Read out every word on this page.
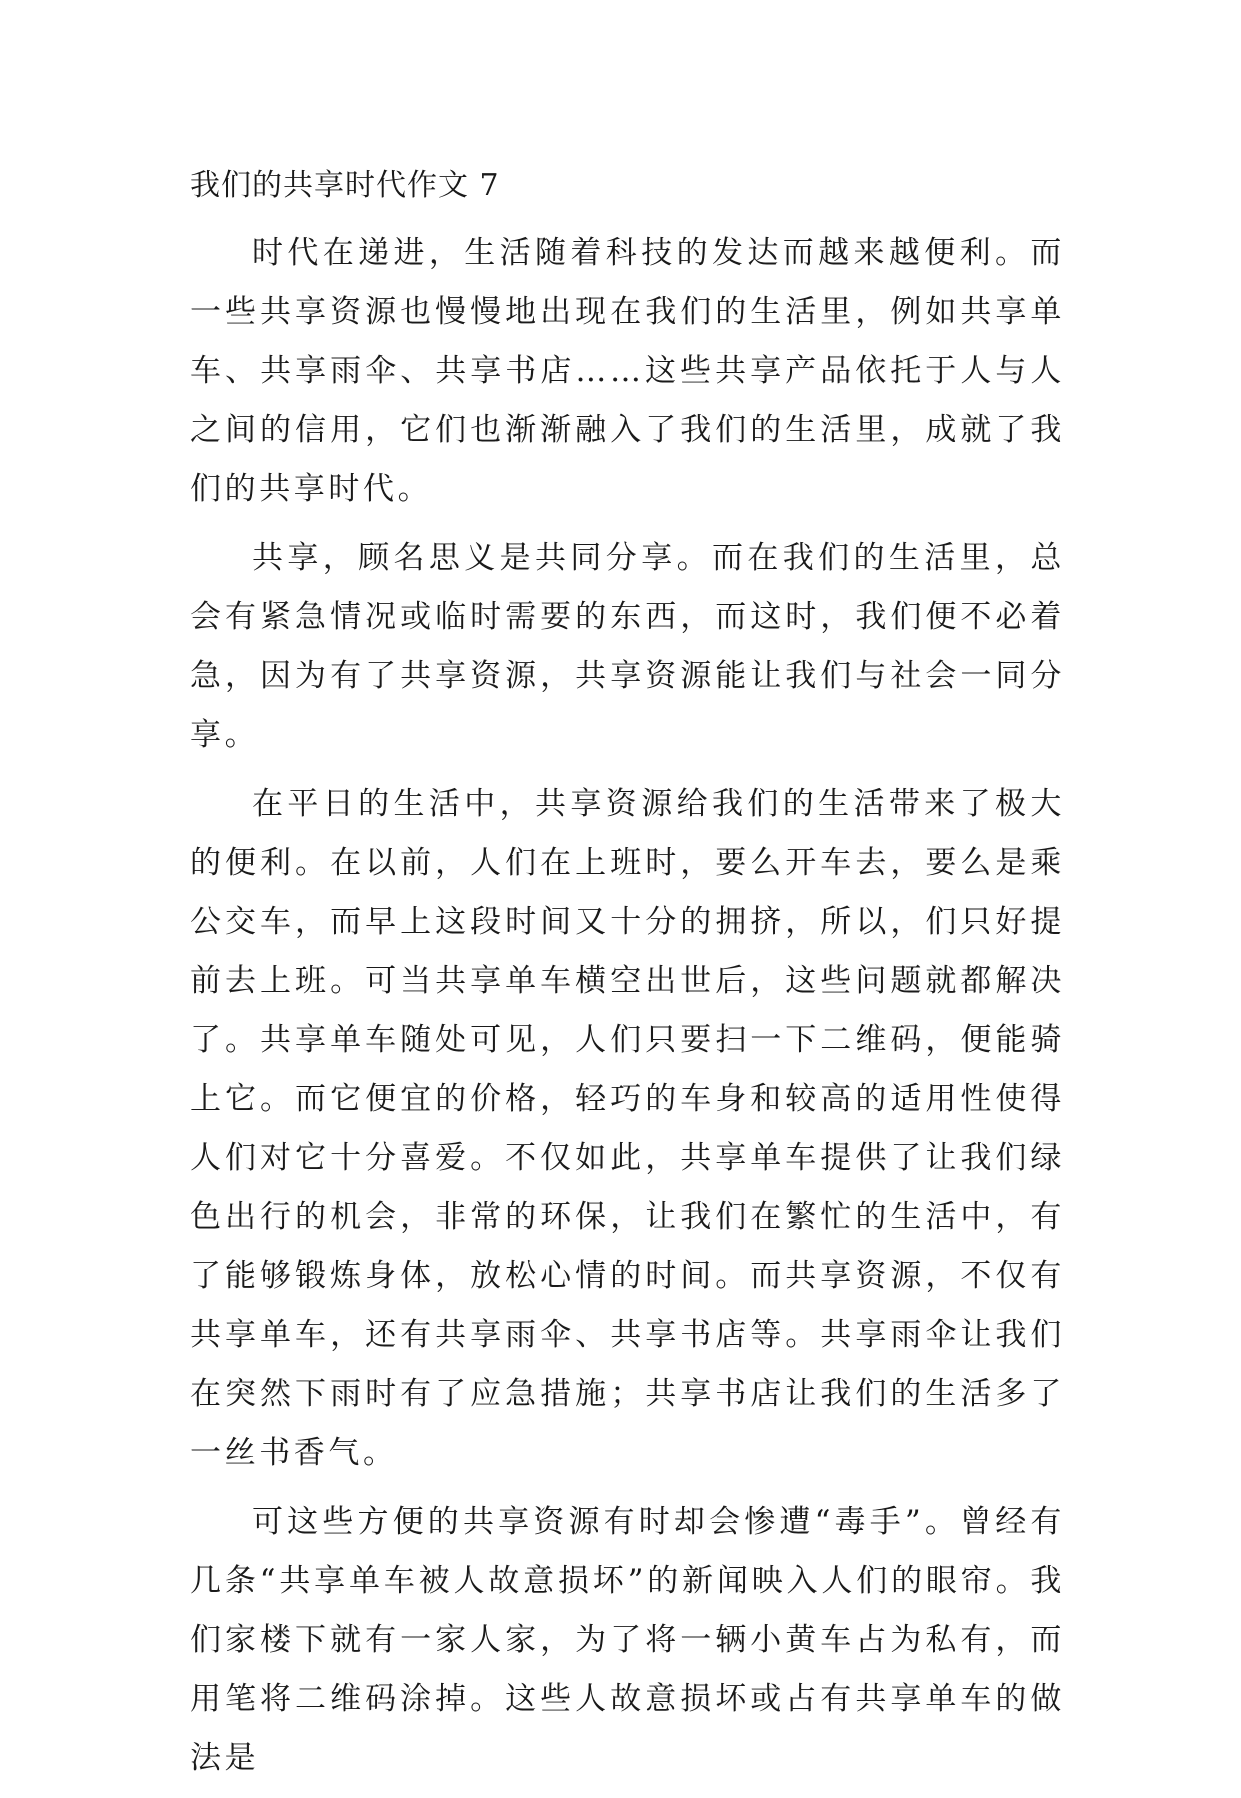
我们的共享时代作文 7

时代在递进，生活随着科技的发达而越来越便利。而一些共享资源也慢慢地出现在我们的生活里，例如共享单车、共享雨伞、共享书店……这些共享产品依托于人与人之间的信用，它们也渐渐融入了我们的生活里，成就了我们的共享时代。

共享，顾名思义是共同分享。而在我们的生活里，总会有紧急情况或临时需要的东西，而这时，我们便不必着急，因为有了共享资源，共享资源能让我们与社会一同分享。

在平日的生活中，共享资源给我们的生活带来了极大的便利。在以前，人们在上班时，要么开车去，要么是乘公交车，而早上这段时间又十分的拥挤，所以，们只好提前去上班。可当共享单车横空出世后，这些问题就都解决了。共享单车随处可见，人们只要扫一下二维码，便能骑上它。而它便宜的价格，轻巧的车身和较高的适用性使得人们对它十分喜爱。不仅如此，共享单车提供了让我们绿色出行的机会，非常的环保，让我们在繁忙的生活中，有了能够锻炼身体，放松心情的时间。而共享资源，不仅有共享单车，还有共享雨伞、共享书店等。共享雨伞让我们在突然下雨时有了应急措施；共享书店让我们的生活多了一丝书香气。

可这些方便的共享资源有时却会惨遭“毒手”。曾经有几条“共享单车被人故意损坏”的新闻映入人们的眼帘。我们家楼下就有一家人家，为了将一辆小黄车占为私有，而用笔将二维码涂掉。这些人故意损坏或占有共享单车的做法是
